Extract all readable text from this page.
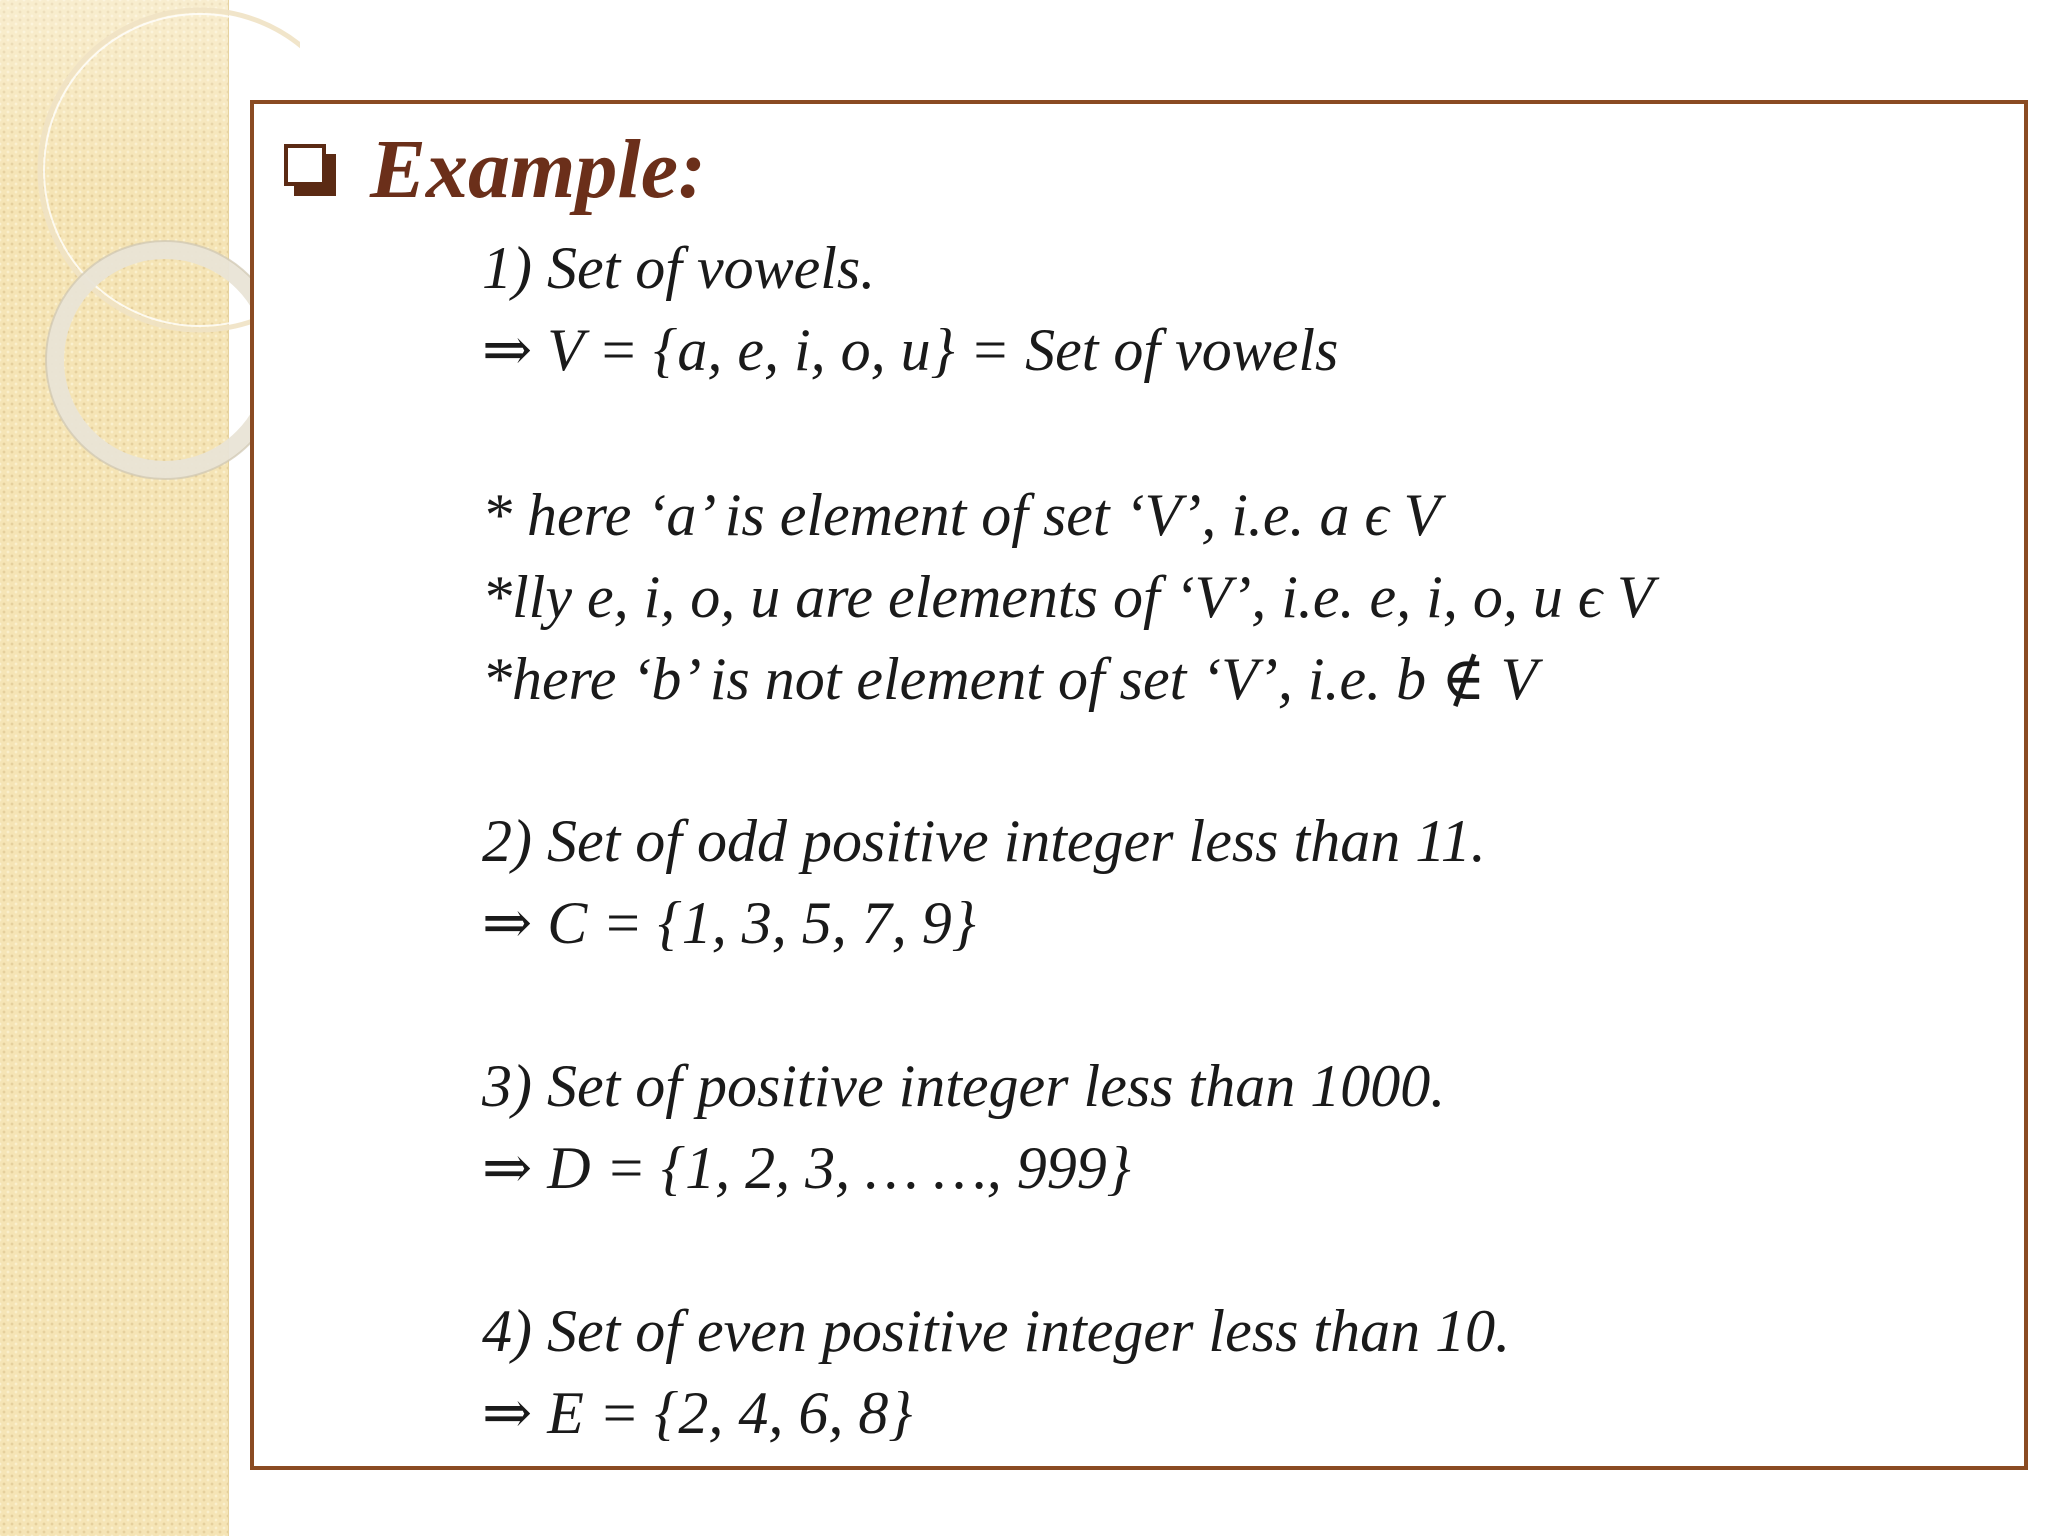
Example:
1) Set of vowels.
⇒ V = {a, e, i, o, u} = Set of vowels
* here ‘a’ is element of set ‘V’, i.e. a ϵ V
*lly e, i, o, u are elements of ‘V’, i.e. e, i, o, u ϵ V
*here ‘b’ is not element of set ‘V’, i.e. b ∉ V
2) Set of odd positive integer less than 11.
⇒ C = {1, 3, 5, 7, 9}
3) Set of positive integer less than 1000.
⇒ D = {1, 2, 3, … …, 999}
4) Set of even positive integer less than 10.
⇒ E = {2, 4, 6, 8}
